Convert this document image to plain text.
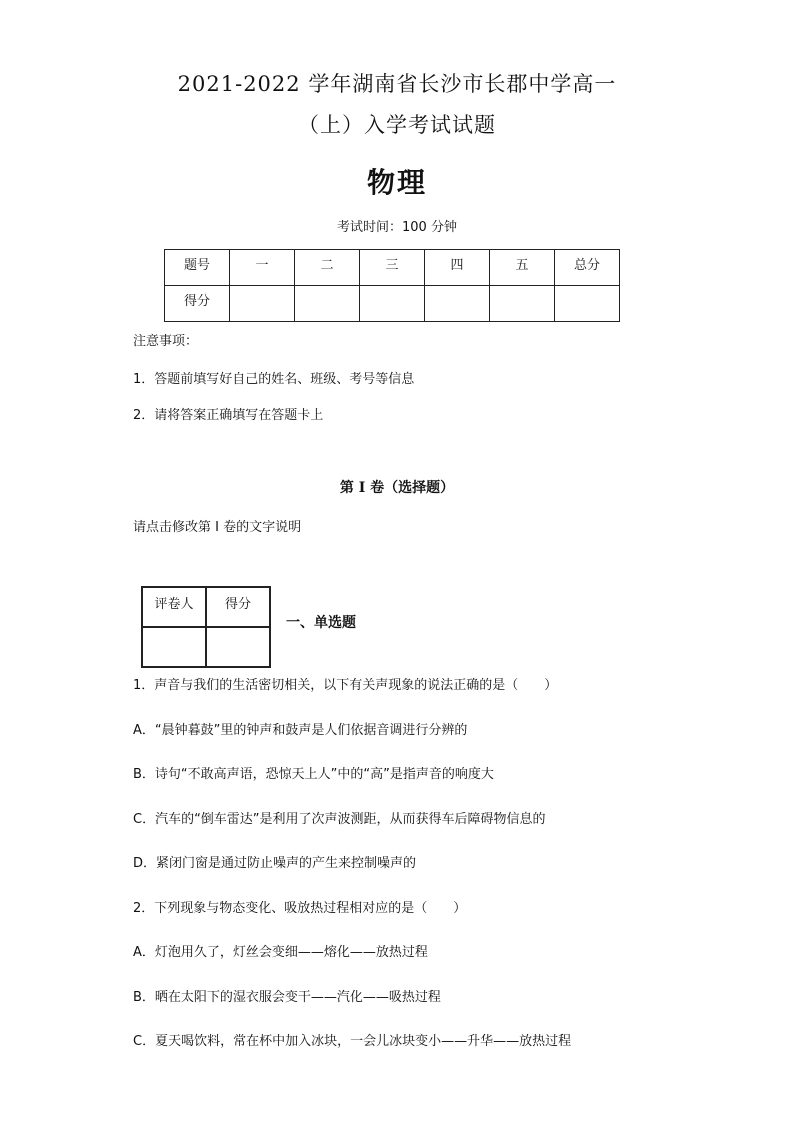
2021-2022 学年湖南省长沙市长郡中学高一
（上）入学考试试题
物理
考试时间：100 分钟
题号	一	二	三	四	五	总分
得分						
注意事项：
1．答题前填写好自己的姓名、班级、考号等信息
2．请将答案正确填写在答题卡上
第 I 卷（选择题）
请点击修改第 I 卷的文字说明
评卷人	得分

一、单选题
1．声音与我们的生活密切相关，以下有关声现象的说法正确的是（　　）
A．“晨钟暮鼓”里的钟声和鼓声是人们依据音调进行分辨的
B．诗句“不敢高声语，恐惊天上人”中的“高”是指声音的响度大
C．汽车的“倒车雷达”是利用了次声波测距，从而获得车后障碍物信息的
D．紧闭门窗是通过防止噪声的产生来控制噪声的
2．下列现象与物态变化、吸放热过程相对应的是（　　）
A．灯泡用久了，灯丝会变细——熔化——放热过程
B．晒在太阳下的湿衣服会变干——汽化——吸热过程
C．夏天喝饮料，常在杯中加入冰块，一会儿冰块变小——升华——放热过程
